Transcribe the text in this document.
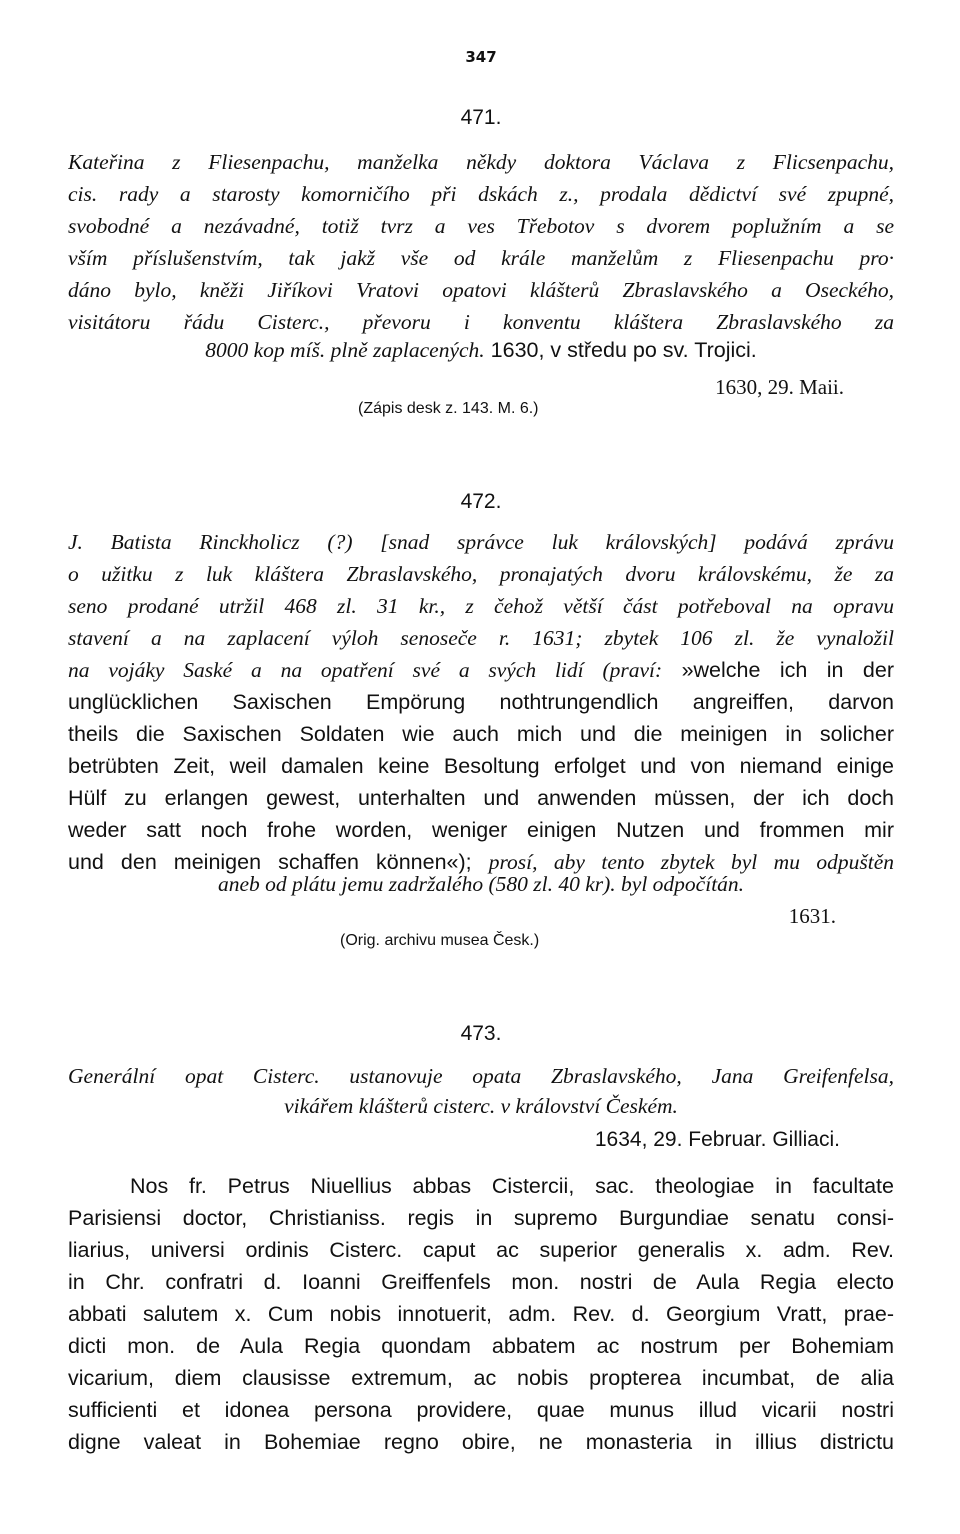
347
471.
Kateřina z Fliesenpachu, manželka někdy doktora Václava z Flicsenpachu,
cis. rady a starosty komorničího při dskách z., prodala dědictví své zpupné,
svobodné a nezávadné, totiž tvrz a ves Třebotov s dvorem poplužním a se
vším příslušenstvím, tak jakž vše od krále manželům z Fliesenpachu pro·
dáno bylo, kněži Jiříkovi Vratovi opatovi klášterů Zbraslavského a Oseckého,
visitátoru řádu Cisterc., převoru i konventu kláštera Zbraslavského za
8000 kop míš. plně zaplacených. 1630, v středu po sv. Trojici.
1630, 29. Maii.
(Zápis desk z. 143. M. 6.)
472.
J. Batista Rinckholicz (?) [snad správce luk královských] podává zprávu
o užitku z luk kláštera Zbraslavského, pronajatých dvoru královskému, že za
seno prodané utržil 468 zl. 31 kr., z čehož větší část potřeboval na opravu
stavení a na zaplacení výloh senoseče r. 1631; zbytek 106 zl. že vynaložil
na vojáky Saské a na opatření své a svých lidí (praví: »welche ich in der
unglücklichen Saxischen Empörung nothtrungendlich angreiffen, darvon
theils die Saxischen Soldaten wie auch mich und die meinigen in solicher
betrübten Zeit, weil damalen keine Besoltung erfolget und von niemand einige
Hülf zu erlangen gewest, unterhalten und anwenden müssen, der ich doch
weder satt noch frohe worden, weniger einigen Nutzen und frommen mir
und den meinigen schaffen können«); prosí, aby tento zbytek byl mu odpuštěn
aneb od plátu jemu zadržalého (580 zl. 40 kr). byl odpočítán.
1631.
(Orig. archivu musea Česk.)
473.
Generální opat Cisterc. ustanovuje opata Zbraslavského, Jana Greifenfelsa,
vikářem klášterů cisterc. v království Českém.
1634, 29. Februar. Gilliaci.
Nos fr. Petrus Niuellius abbas Cistercii, sac. theologiae in facultate
Parisiensi doctor, Christianiss. regis in supremo Burgundiae senatu consi-
liarius, universi ordinis Cisterc. caput ac superior generalis x. adm. Rev.
in Chr. confratri d. Ioanni Greiffenfels mon. nostri de Aula Regia electo
abbati salutem x. Cum nobis innotuerit, adm. Rev. d. Georgium Vratt, prae-
dicti mon. de Aula Regia quondam abbatem ac nostrum per Bohemiam
vicarium, diem clausisse extremum, ac nobis propterea incumbat, de alia
sufficienti et idonea persona providere, quae munus illud vicarii nostri
digne valeat in Bohemiae regno obire, ne monasteria in illius districtu
